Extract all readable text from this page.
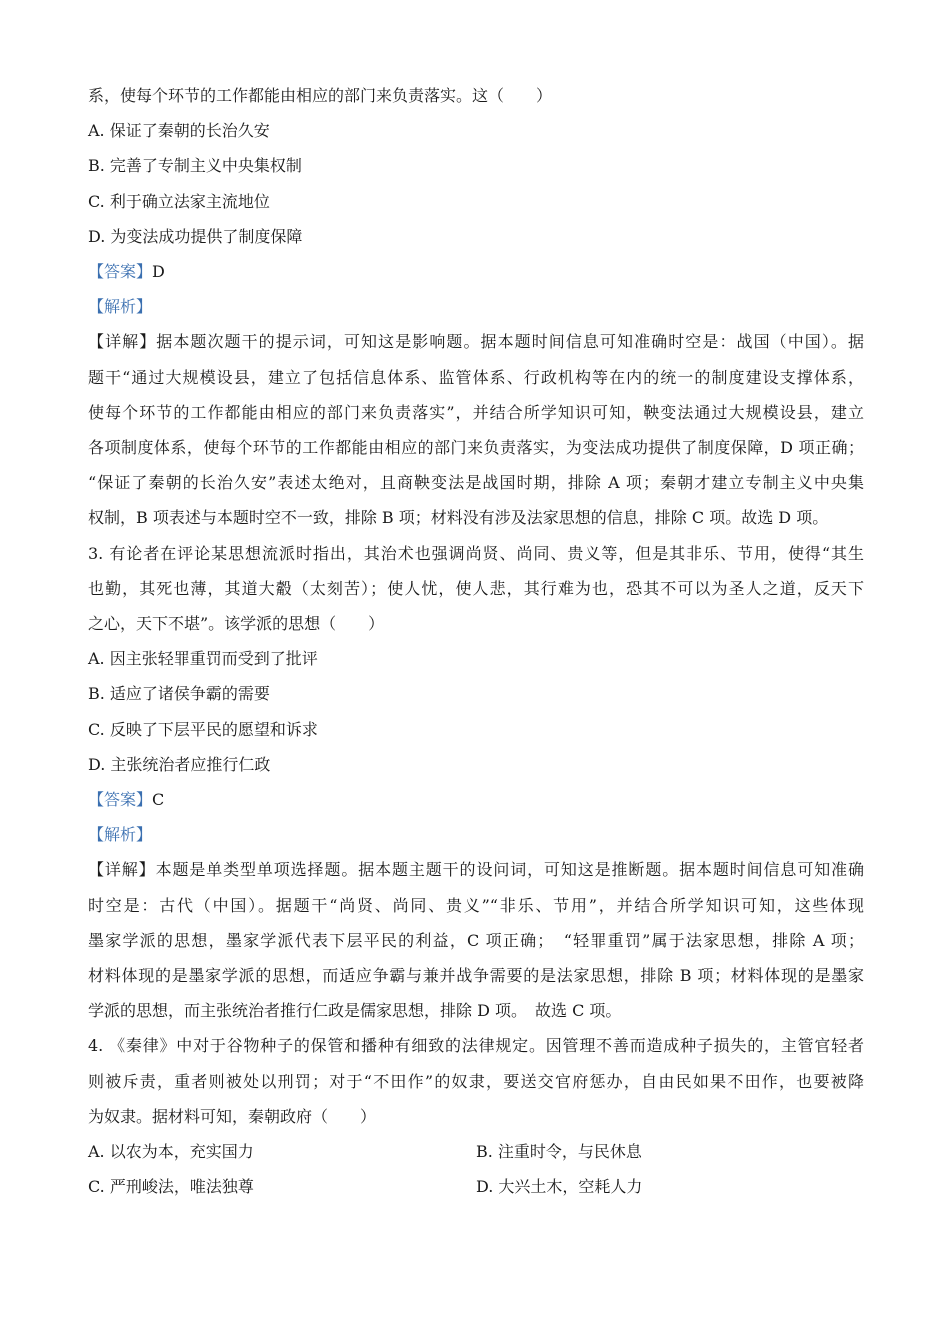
系，使每个环节的工作都能由相应的部门来负责落实。这（　　）
A. 保证了秦朝的长治久安
B. 完善了专制主义中央集权制
C. 利于确立法家主流地位
D. 为变法成功提供了制度保障
【答案】D
【解析】
【详解】据本题次题干的提示词，可知这是影响题。据本题时间信息可知准确时空是：战国（中国）。据
题干“通过大规模设县，建立了包括信息体系、监管体系、行政机构等在内的统一的制度建设支撑体系，
使每个环节的工作都能由相应的部门来负责落实”，并结合所学知识可知，鞅变法通过大规模设县，建立
各项制度体系，使每个环节的工作都能由相应的部门来负责落实，为变法成功提供了制度保障，D 项正确；
“保证了秦朝的长治久安”表述太绝对，且商鞅变法是战国时期，排除 A 项；秦朝才建立专制主义中央集
权制，B 项表述与本题时空不一致，排除 B 项；材料没有涉及法家思想的信息，排除 C 项。故选 D 项。
3. 有论者在评论某思想流派时指出，其治术也强调尚贤、尚同、贵义等，但是其非乐、节用，使得“其生
也勤，其死也薄，其道大觳（太刻苦）；使人忧，使人悲，其行难为也，恐其不可以为圣人之道，反天下
之心，天下不堪”。该学派的思想（　　）
A. 因主张轻罪重罚而受到了批评
B. 适应了诸侯争霸的需要
C. 反映了下层平民的愿望和诉求
D. 主张统治者应推行仁政
【答案】C
【解析】
【详解】本题是单类型单项选择题。据本题主题干的设问词，可知这是推断题。据本题时间信息可知准确
时空是：古代（中国）。据题干“尚贤、尚同、贵义”“非乐、节用”，并结合所学知识可知，这些体现
墨家学派的思想，墨家学派代表下层平民的利益，C 项正确；　“轻罪重罚”属于法家思想，排除 A 项；
材料体现的是墨家学派的思想，而适应争霸与兼并战争需要的是法家思想，排除 B 项；材料体现的是墨家
学派的思想，而主张统治者推行仁政是儒家思想，排除 D 项。　故选 C 项。
4. 《秦律》中对于谷物种子的保管和播种有细致的法律规定。因管理不善而造成种子损失的，主管官轻者
则被斥责，重者则被处以刑罚；对于“不田作”的奴隶，要送交官府惩办，自由民如果不田作，也要被降
为奴隶。据材料可知，秦朝政府（　　）
A. 以农为本，充实国力	B. 注重时令，与民休息
C. 严刑峻法，唯法独尊	D. 大兴土木，空耗人力
